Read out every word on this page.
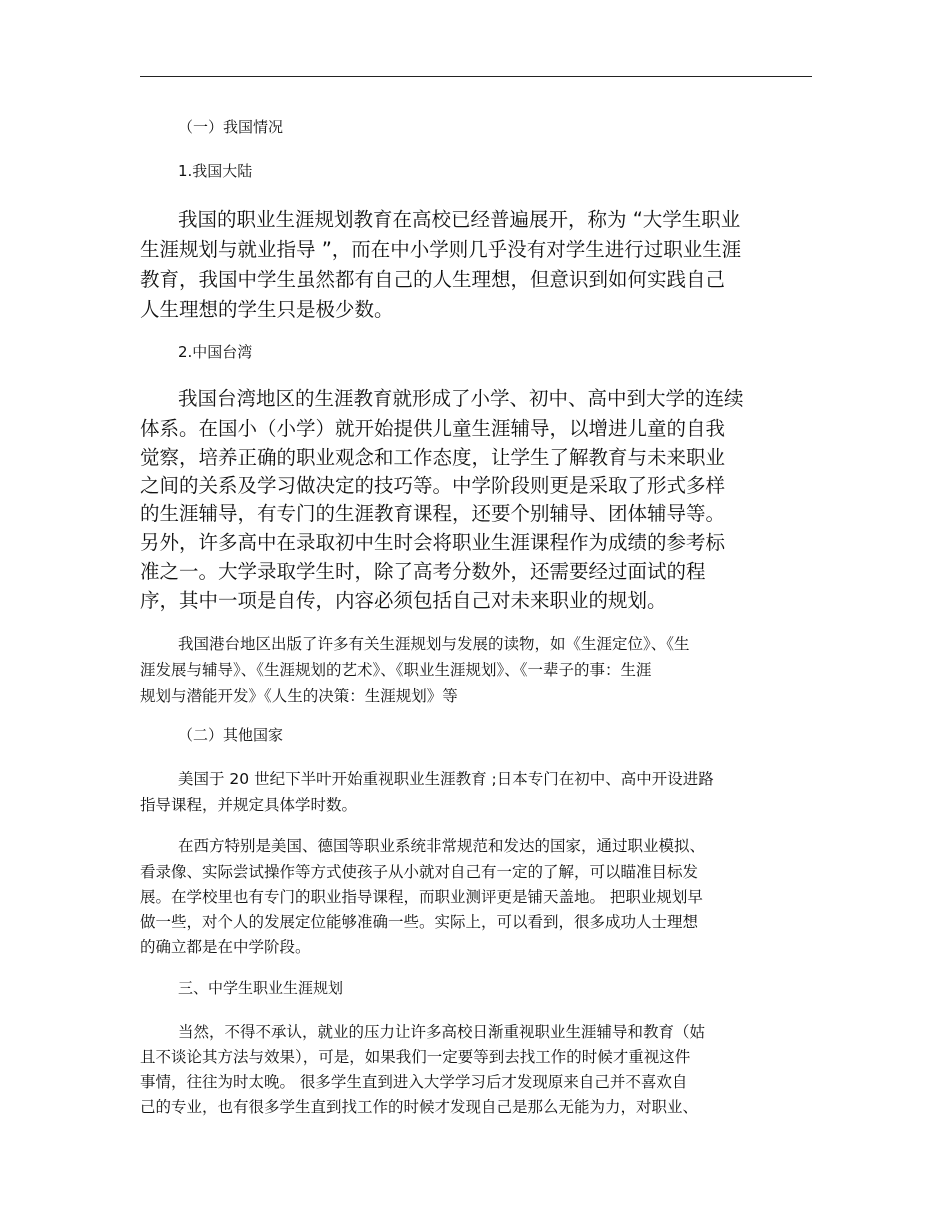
（一）我国情况
1.我国大陆
我国的职业生涯规划教育在高校已经普遍展开，称为 “大学生职业
生涯规划与就业指导 ”，而在中小学则几乎没有对学生进行过职业生涯
教育，我国中学生虽然都有自己的人生理想，但意识到如何实践自己
人生理想的学生只是极少数。
2.中国台湾
我国台湾地区的生涯教育就形成了小学、初中、高中到大学的连续
体系。在国小（小学）就开始提供儿童生涯辅导，以增进儿童的自我
觉察，培养正确的职业观念和工作态度，让学生了解教育与未来职业
之间的关系及学习做决定的技巧等。中学阶段则更是采取了形式多样
的生涯辅导，有专门的生涯教育课程，还要个别辅导、团体辅导等。
另外，许多高中在录取初中生时会将职业生涯课程作为成绩的参考标
准之一。大学录取学生时，除了高考分数外，还需要经过面试的程
序，其中一项是自传，内容必须包括自己对未来职业的规划。
我国港台地区出版了许多有关生涯规划与发展的读物，如《生涯定位》、《生
涯发展与辅导》、《生涯规划的艺术》、《职业生涯规划》、《一辈子的事：生涯
规划与潜能开发》《人生的决策：生涯规划》等
（二）其他国家
美国于 20 世纪下半叶开始重视职业生涯教育 ;日本专门在初中、高中开设进路
指导课程，并规定具体学时数。
在西方特别是美国、德国等职业系统非常规范和发达的国家，通过职业模拟、
看录像、实际尝试操作等方式使孩子从小就对自己有一定的了解，可以瞄准目标发
展。在学校里也有专门的职业指导课程，而职业测评更是铺天盖地。 把职业规划早
做一些，对个人的发展定位能够准确一些。实际上，可以看到，很多成功人士理想
的确立都是在中学阶段。
三、中学生职业生涯规划
当然，不得不承认，就业的压力让许多高校日渐重视职业生涯辅导和教育（姑
且不谈论其方法与效果），可是，如果我们一定要等到去找工作的时候才重视这件
事情，往往为时太晚。 很多学生直到进入大学学习后才发现原来自己并不喜欢自
己的专业，也有很多学生直到找工作的时候才发现自己是那么无能为力，对职业、
